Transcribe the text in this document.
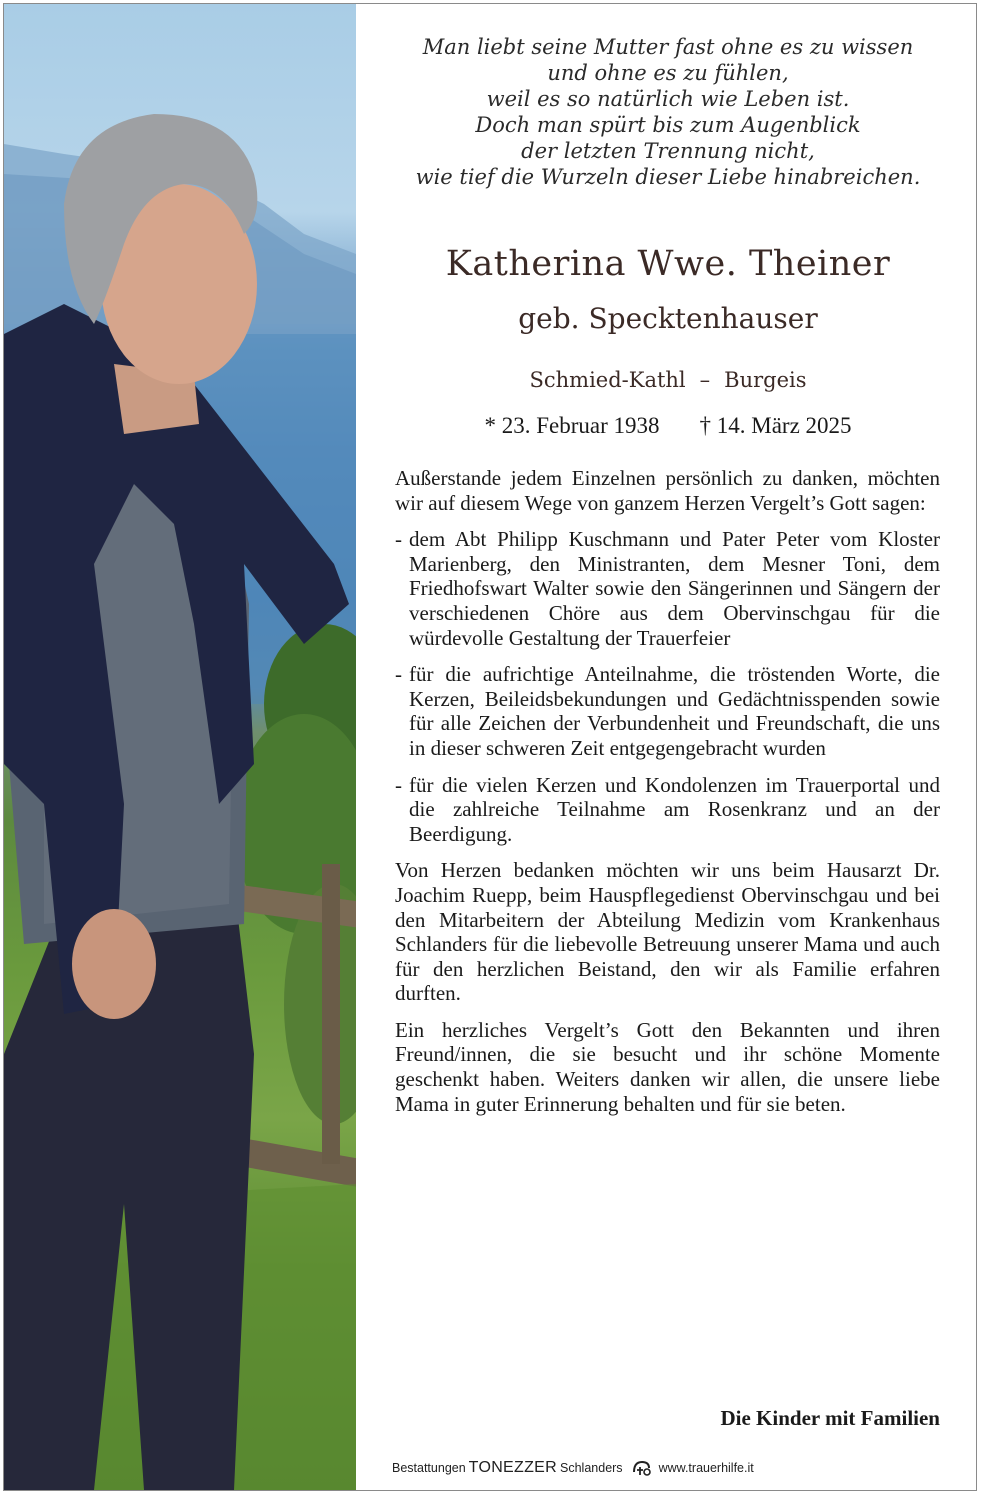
Man liebt seine Mutter fast ohne es zu wissen
und ohne es zu fühlen,
weil es so natürlich wie Leben ist.
Doch man spürt bis zum Augenblick
der letzten Trennung nicht,
wie tief die Wurzeln dieser Liebe hinabreichen.
Katherina Wwe. Theiner
geb. Specktenhauser
Schmied-Kathl – Burgeis
* 23. Februar 1938 † 14. März 2025

Außerstande jedem Einzelnen persönlich zu danken, möchten wir auf diesem Wege von ganzem Herzen Vergelt’s Gott sagen:

- dem Abt Philipp Kuschmann und Pater Peter vom Kloster Marienberg, den Ministranten, dem Mesner Toni, dem Friedhofswart Walter sowie den Sängerinnen und Sängern der verschiedenen Chöre aus dem Obervinschgau für die würdevolle Gestaltung der Trauerfeier
- für die aufrichtige Anteilnahme, die tröstenden Worte, die Kerzen, Beileidsbekundungen und Gedächtnisspenden sowie für alle Zeichen der Verbundenheit und Freundschaft, die uns in dieser schweren Zeit entgegengebracht wurden
- für die vielen Kerzen und Kondolenzen im Trauerportal und die zahlreiche Teilnahme am Rosenkranz und an der Beerdigung.

Von Herzen bedanken möchten wir uns beim Hausarzt Dr. Joachim Ruepp, beim Hauspflegedienst Obervinschgau und bei den Mitarbeitern der Abteilung Medizin vom Krankenhaus Schlanders für die liebevolle Betreuung unserer Mama und auch für den herzlichen Beistand, den wir als Familie erfahren durften.

Ein herzliches Vergelt’s Gott den Bekannten und ihren Freund/innen, die sie besucht und ihr schöne Momente geschenkt haben. Weiters danken wir allen, die unsere liebe Mama in guter Erinnerung behalten und für sie beten.

Die Kinder mit Familien
Bestattungen TONEZZER Schlanders	www.trauerhilfe.it
